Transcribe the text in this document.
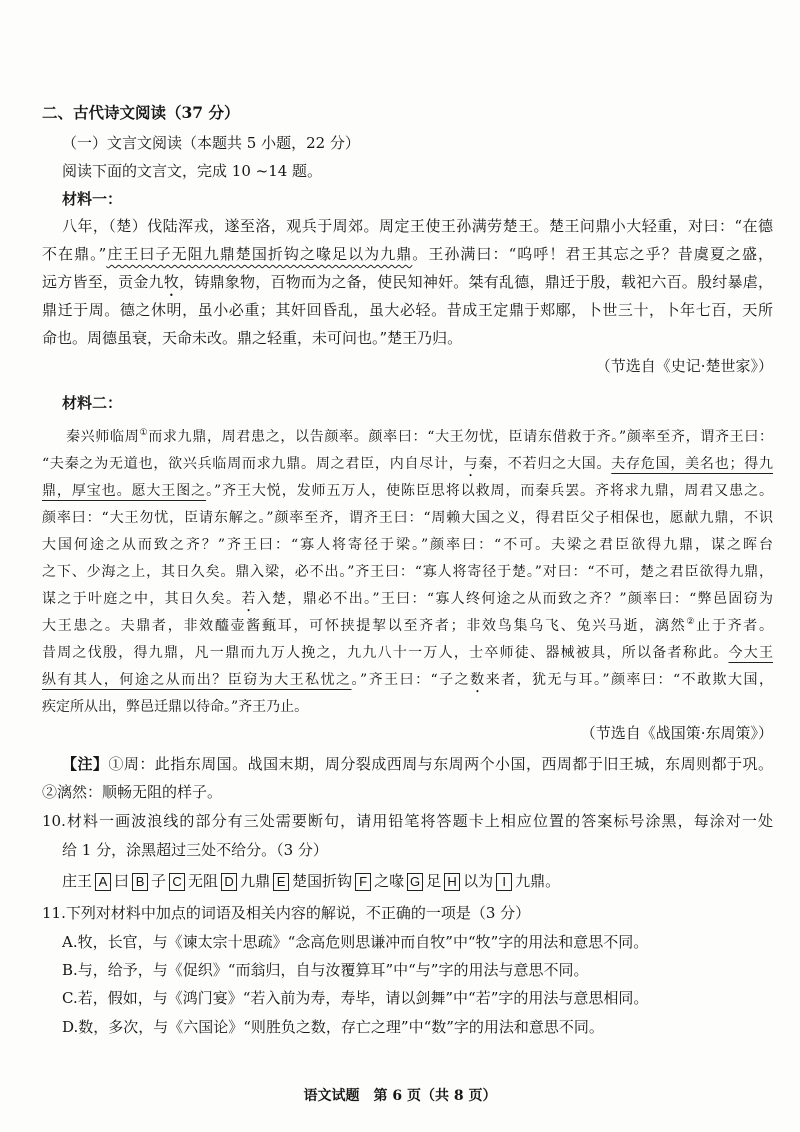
二、古代诗文阅读（37 分）
（一）文言文阅读（本题共 5 小题，22 分）
阅读下面的文言文，完成 10 ~14 题。
材料一：
八年，（楚）伐陆浑戎，遂至洛，观兵于周郊。周定王使王孙满劳楚王。楚王问鼎小大轻重，对曰：“在德
不在鼎。”庄王曰子无阻九鼎楚国折钩之喙足以为九鼎。王孙满曰：“呜呼！君王其忘之乎？昔虞夏之盛，
远方皆至，贡金九牧，铸鼎象物，百物而为之备，使民知神奸。桀有乱德，鼎迁于殷，载祀六百。殷纣暴虐，
鼎迁于周。德之休明，虽小必重；其奸回昏乱，虽大必轻。昔成王定鼎于郏鄏，卜世三十，卜年七百，天所
命也。周德虽衰，天命未改。鼎之轻重，未可问也。”楚王乃归。
（节选自《史记·楚世家》）
材料二：
秦兴师临周①而求九鼎，周君患之，以告颜率。颜率曰：“大王勿忧，臣请东借救于齐。”颜率至齐，谓齐王曰：
“夫秦之为无道也，欲兴兵临周而求九鼎。周之君臣，内自尽计，与秦，不若归之大国。夫存危国，美名也；得九
鼎，厚宝也。愿大王图之。”齐王大悦，发师五万人，使陈臣思将以救周，而秦兵罢。齐将求九鼎，周君又患之。
颜率曰：“大王勿忧，臣请东解之。”颜率至齐，谓齐王曰：“周赖大国之义，得君臣父子相保也，愿献九鼎，不识
大国何途之从而致之齐？”齐王曰：“寡人将寄径于梁。”颜率曰：“不可。夫梁之君臣欲得九鼎，谋之晖台
之下、少海之上，其日久矣。鼎入梁，必不出。”齐王曰：“寡人将寄径于楚。”对曰：“不可，楚之君臣欲得九鼎，
谋之于叶庭之中，其日久矣。若入楚，鼎必不出。”王曰：“寡人终何途之从而致之齐？”颜率曰：“弊邑固窃为
大王患之。夫鼎者，非效醯壶酱甀耳，可怀挟提挈以至齐者；非效鸟集乌飞、兔兴马逝，漓然②止于齐者。
昔周之伐殷，得九鼎，凡一鼎而九万人挽之，九九八十一万人，士卒师徒、器械被具，所以备者称此。今大王
纵有其人，何途之从而出？臣窃为大王私忧之。”齐王曰：“子之数来者，犹无与耳。”颜率曰：“不敢欺大国，
疾定所从出，弊邑迁鼎以待命。”齐王乃止。
（节选自《战国策·东周策》）
【注】①周：此指东周国。战国末期，周分裂成西周与东周两个小国，西周都于旧王城，东周则都于巩。
②漓然：顺畅无阻的样子。
10.材料一画波浪线的部分有三处需要断句，请用铅笔将答题卡上相应位置的答案标号涂黑，每涂对一处
给 1 分，涂黑超过三处不给分。（3 分）
庄王 A 曰 B 子 C 无阻 D 九鼎 E 楚国折钩 F 之喙 G 足 H 以为 I 九鼎。
11.下列对材料中加点的词语及相关内容的解说，不正确的一项是（3 分）
A.牧，长官，与《谏太宗十思疏》“念高危则思谦冲而自牧”中“牧”字的用法和意思不同。
B.与，给予，与《促织》“而翁归，自与汝覆算耳”中“与”字的用法与意思不同。
C.若，假如，与《鸿门宴》“若入前为寿，寿毕，请以剑舞”中“若”字的用法与意思相同。
D.数，多次，与《六国论》“则胜负之数，存亡之理”中“数”字的用法和意思不同。
语文试题　第 6 页（共 8 页）
